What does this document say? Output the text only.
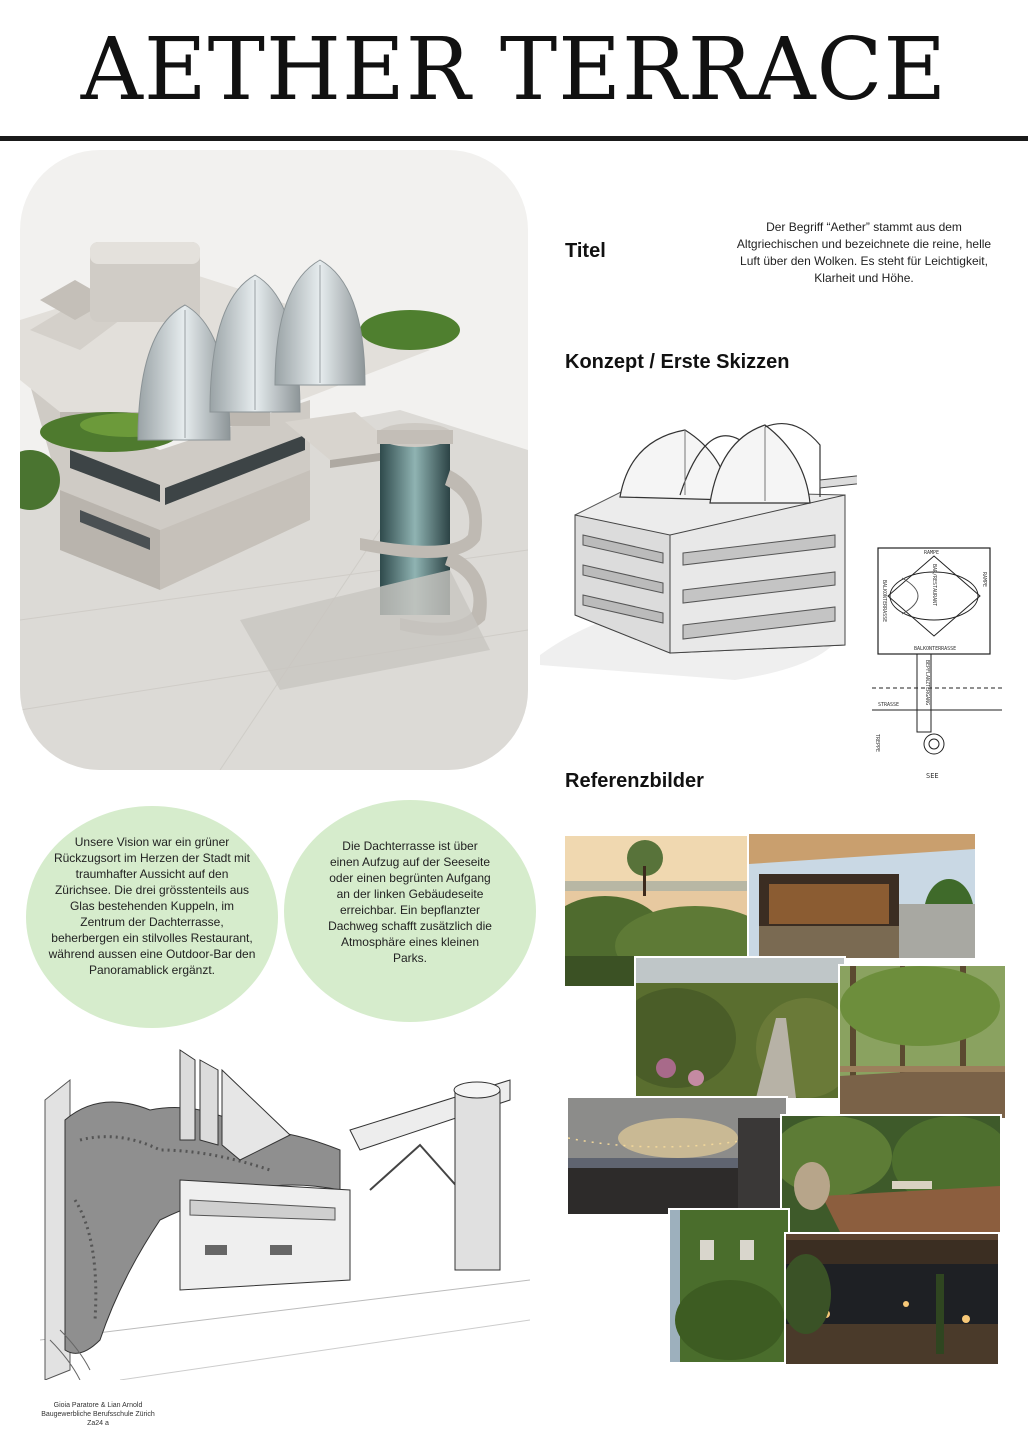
AETHER TERRACE
Titel
Der Begriff “Aether” stammt aus dem Altgriechischen und bezeichnete die reine, helle Luft über den Wolken. Es steht für Leichtigkeit, Klarheit und Höhe.
Konzept / Erste Skizzen
RAMPE
RAMPE
BAR/RESTAURANT
BALKONTERRASSE
BALKONTERRASSE
BEPFLANZTERGANG
STRASSE
TREPPE
SEE
Referenzbilder
Unsere Vision war ein grüner Rückzugsort im Herzen der Stadt mit traumhafter Aussicht auf den Zürichsee. Die drei grösstenteils aus Glas bestehenden Kuppeln, im Zentrum der Dachterrasse, beherbergen ein stilvolles Restaurant, während aussen eine Outdoor-Bar den Panoramablick ergänzt.
Die Dachterrasse ist über einen Aufzug auf der Seeseite oder einen begrünten Aufgang an der linken Gebäudeseite erreichbar. Ein bepflanzter Dachweg schafft zusätzlich die Atmosphäre eines kleinen Parks.
Gioia Paratore & Lian Arnold
Baugewerbliche Berufsschule Zürich
Za24 a
